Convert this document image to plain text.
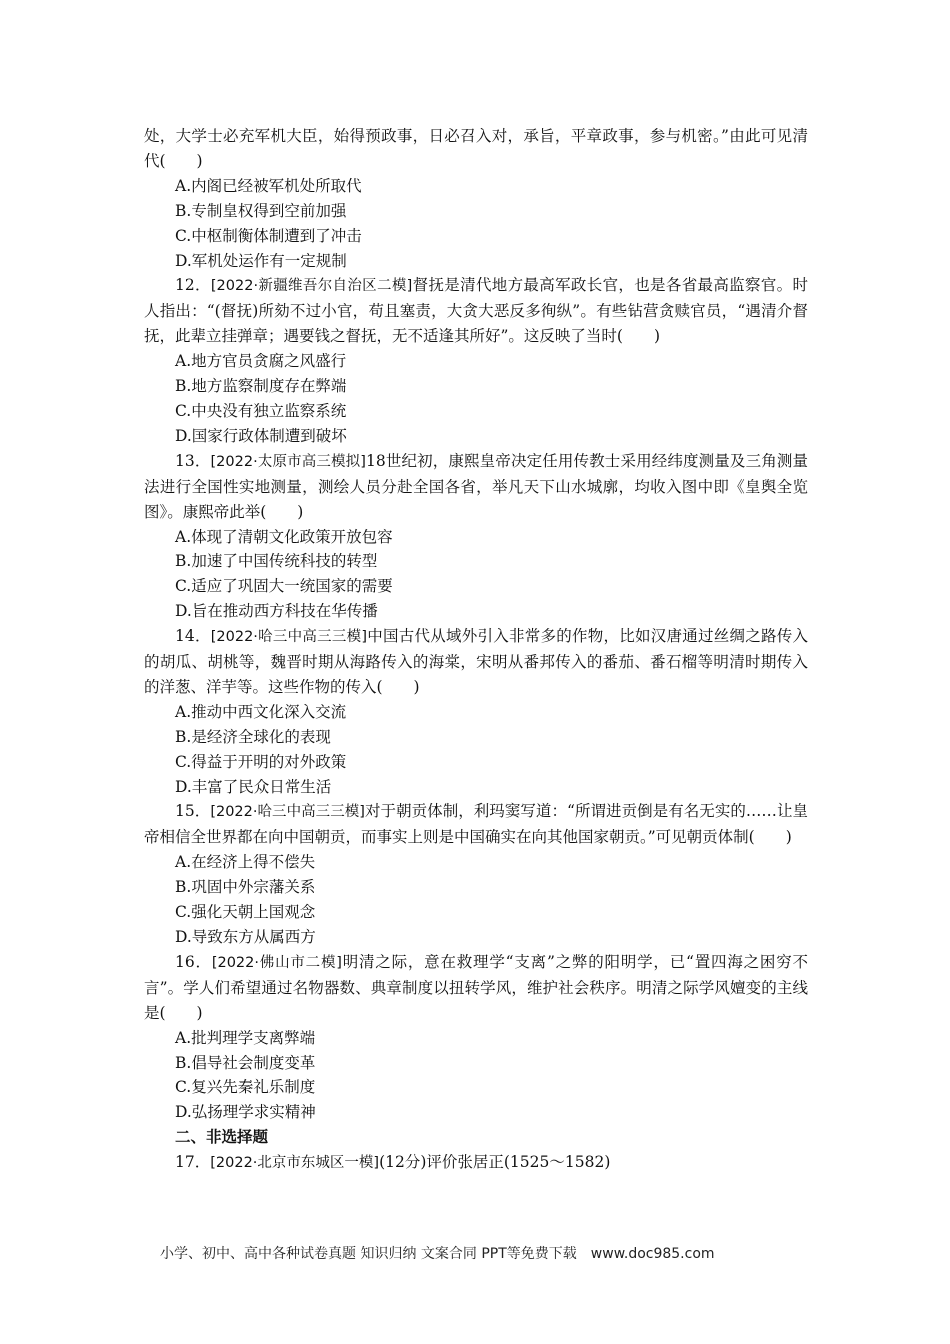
处，大学士必充军机大臣，始得预政事，日必召入对，承旨，平章政事，参与机密。”由此可见清代(　　)

A.内阁已经被军机处所取代

B.专制皇权得到空前加强

C.中枢制衡体制遭到了冲击

D.军机处运作有一定规制

12．[2022·新疆维吾尔自治区二模]督抚是清代地方最高军政长官，也是各省最高监察官。时人指出：“(督抚)所劾不过小官，苟且塞责，大贪大恶反多徇纵”。有些钻营贪赎官员，“遇清介督抚，此辈立挂弹章；遇要钱之督抚，无不适逢其所好”。这反映了当时(　　)

A.地方官员贪腐之风盛行

B.地方监察制度存在弊端

C.中央没有独立监察系统

D.国家行政体制遭到破坏

13．[2022·太原市高三模拟]18世纪初，康熙皇帝决定任用传教士采用经纬度测量及三角测量法进行全国性实地测量，测绘人员分赴全国各省，举凡天下山水城廓，均收入图中即《皇舆全览图》。康熙帝此举(　　)

A.体现了清朝文化政策开放包容

B.加速了中国传统科技的转型

C.适应了巩固大一统国家的需要

D.旨在推动西方科技在华传播

14．[2022·哈三中高三三模]中国古代从域外引入非常多的作物，比如汉唐通过丝绸之路传入的胡瓜、胡桃等，魏晋时期从海路传入的海棠，宋明从番邦传入的番茄、番石榴等明清时期传入的洋葱、洋芋等。这些作物的传入(　　)

A.推动中西文化深入交流

B.是经济全球化的表现

C.得益于开明的对外政策

D.丰富了民众日常生活

15．[2022·哈三中高三三模]对于朝贡体制，利玛窦写道：“所谓进贡倒是有名无实的……让皇帝相信全世界都在向中国朝贡，而事实上则是中国确实在向其他国家朝贡。”可见朝贡体制(　　)

A.在经济上得不偿失

B.巩固中外宗藩关系

C.强化天朝上国观念

D.导致东方从属西方

16．[2022·佛山市二模]明清之际，意在救理学“支离”之弊的阳明学，已“置四海之困穷不言”。学人们希望通过名物器数、典章制度以扭转学风，维护社会秩序。明清之际学风嬗变的主线是(　　)

A.批判理学支离弊端

B.倡导社会制度变革

C.复兴先秦礼乐制度

D.弘扬理学求实精神

二、非选择题

17．[2022·北京市东城区一模](12分)评价张居正(1525～1582)

小学、初中、高中各种试卷真题 知识归纳 文案合同 PPT等免费下载 www.doc985.com
